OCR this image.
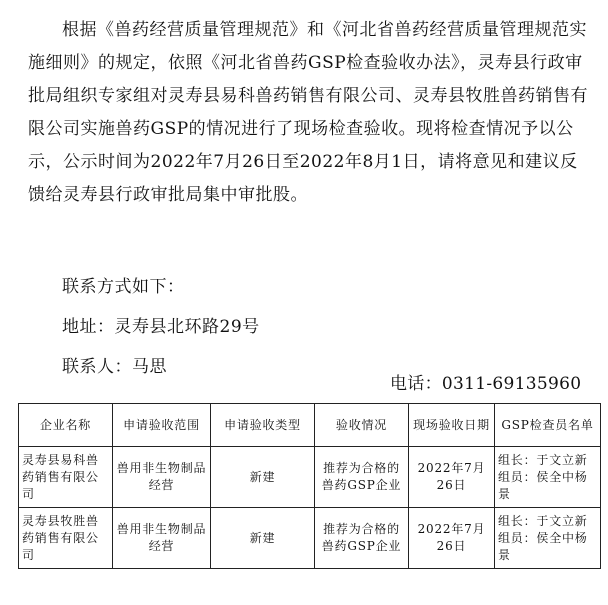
根据《兽药经营质量管理规范》和《河北省兽药经营质量管理规范实施细则》的规定，依照《河北省兽药GSP检查验收办法》，灵寿县行政审批局组织专家组对灵寿县易科兽药销售有限公司、灵寿县牧胜兽药销售有限公司实施兽药GSP的情况进行了现场检查验收。现将检查情况予以公示，公示时间为2022年7月26日至2022年8月1日，请将意见和建议反馈给灵寿县行政审批局集中审批股。

联系方式如下：

地址：灵寿县北环路29号

联系人：马思

电话：0311-69135960

企业名称	申请验收范围	申请验收类型	验收情况	现场验收日期	GSP检查员名单
灵寿县易科兽药销售有限公司	兽用非生物制品经营	新建	推荐为合格的兽药GSP企业	2022年7月26日	组长：于文立新组员：侯全中杨景
灵寿县牧胜兽药销售有限公司	兽用非生物制品经营	新建	推荐为合格的兽药GSP企业	2022年7月26日	组长：于文立新组员：侯全中杨景
